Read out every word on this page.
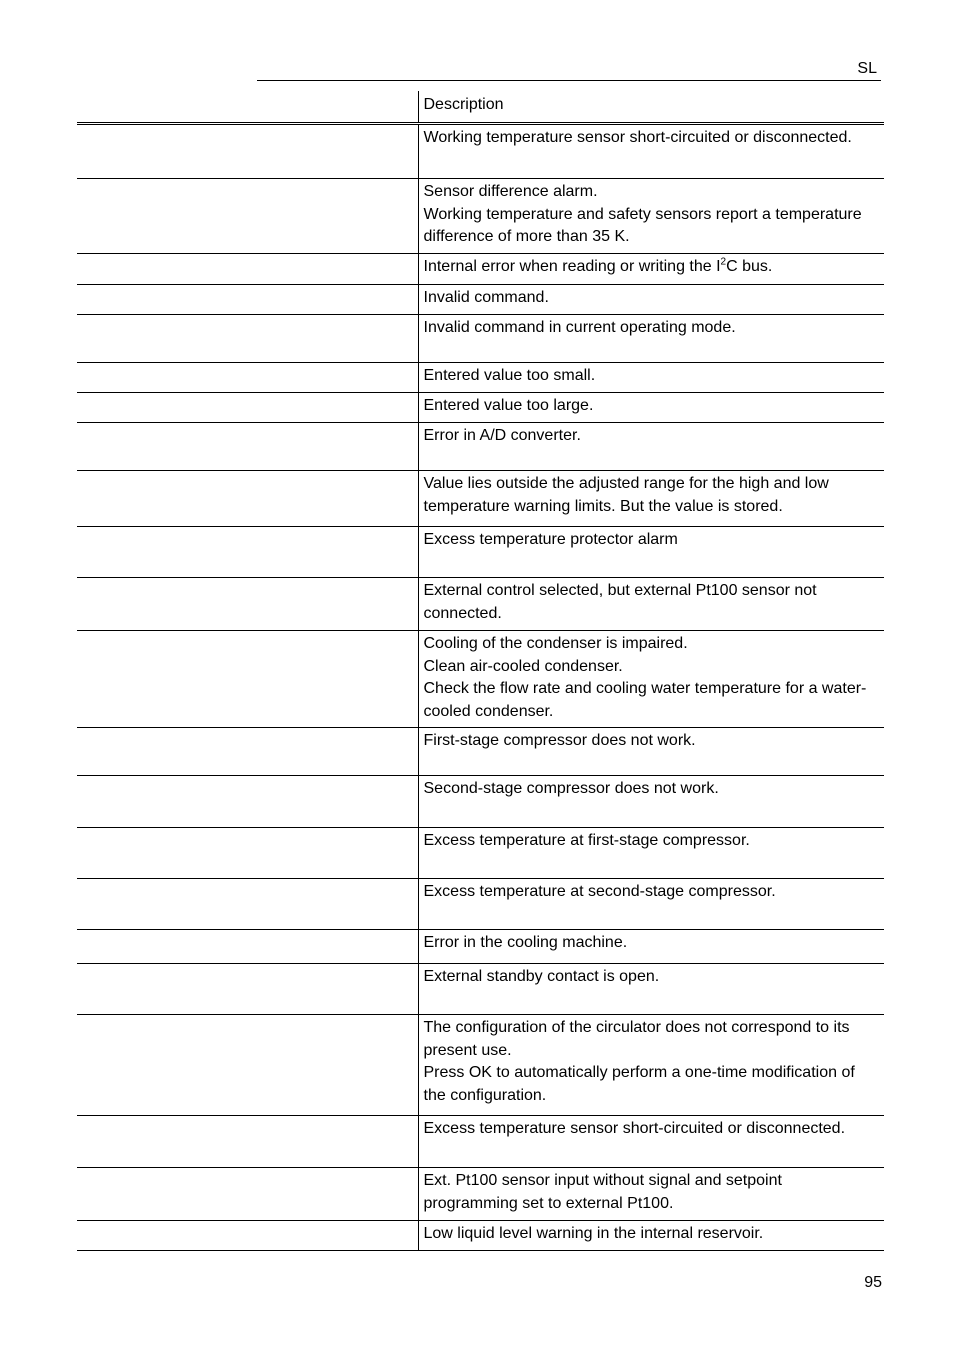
SL
	Description

	Working temperature sensor short-circuited or disconnected.

	Sensor difference alarm.
Working temperature and safety sensors report a temperature difference of more than 35 K.

	Internal error when reading or writing the $I^2C$ bus.

	Invalid command.

	Invalid command in current operating mode.

	Entered value too small.

	Entered value too large.

	Error in A/D converter.

	Value lies outside the adjusted range for the high and low temperature warning limits. But the value is stored.

	Excess temperature protector alarm

	External control selected, but external Pt100 sensor not connected.

	Cooling of the condenser is impaired.
Clean air-cooled condenser.
Check the flow rate and cooling water temperature for a water-cooled condenser.

	First-stage compressor does not work.

	Second-stage compressor does not work.

	Excess temperature at first-stage compressor.

	Excess temperature at second-stage compressor.

	Error in the cooling machine.

	External standby contact is open.

	The configuration of the circulator does not correspond to its present use.
Press OK to automatically perform a one-time modification of the configuration.

	Excess temperature sensor short-circuited or disconnected.

	Ext. Pt100 sensor input without signal and setpoint programming set to external Pt100.

	Low liquid level warning in the internal reservoir.
95
